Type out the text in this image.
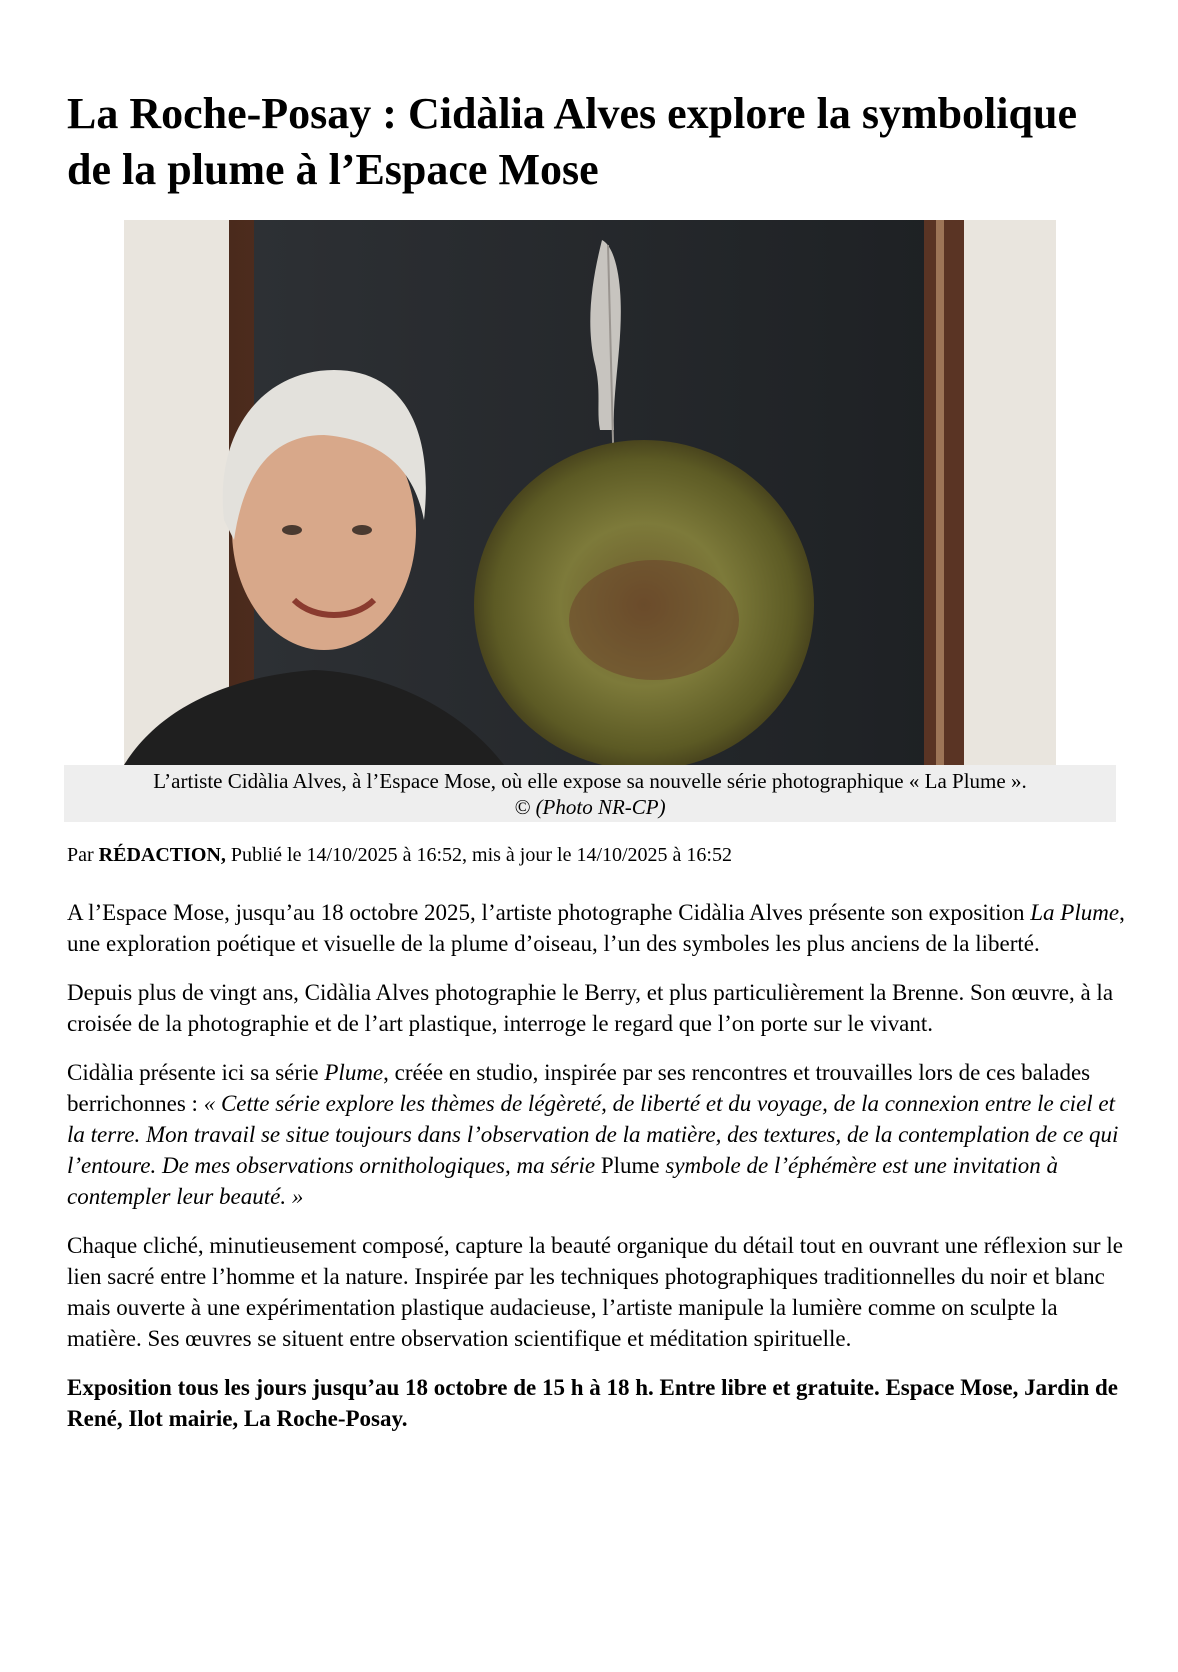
La Roche-Posay : Cidàlia Alves explore la symbolique de la plume à l’Espace Mose
L’artiste Cidàlia Alves, à l’Espace Mose, où elle expose sa nouvelle série photographique « La Plume ».
© (Photo NR-CP)
Par RÉDACTION, Publié le 14/10/2025 à 16:52, mis à jour le 14/10/2025 à 16:52

A l’Espace Mose, jusqu’au 18 octobre 2025, l’artiste photographe Cidàlia Alves présente son exposition La Plume, une exploration poétique et visuelle de la plume d’oiseau, l’un des symboles les plus anciens de la liberté.

Depuis plus de vingt ans, Cidàlia Alves photographie le Berry, et plus particulièrement la Brenne. Son œuvre, à la croisée de la photographie et de l’art plastique, interroge le regard que l’on porte sur le vivant.

Cidàlia présente ici sa série Plume, créée en studio, inspirée par ses rencontres et trouvailles lors de ces balades berrichonnes : « Cette série explore les thèmes de légèreté, de liberté et du voyage, de la connexion entre le ciel et la terre. Mon travail se situe toujours dans l’observation de la matière, des textures, de la contemplation de ce qui l’entoure. De mes observations ornithologiques, ma série Plume symbole de l’éphémère est une invitation à contempler leur beauté. »

Chaque cliché, minutieusement composé, capture la beauté organique du détail tout en ouvrant une réflexion sur le lien sacré entre l’homme et la nature. Inspirée par les techniques photographiques traditionnelles du noir et blanc mais ouverte à une expérimentation plastique audacieuse, l’artiste manipule la lumière comme on sculpte la matière. Ses œuvres se situent entre observation scientifique et méditation spirituelle.

Exposition tous les jours jusqu’au 18 octobre de 15 h à 18 h. Entre libre et gratuite. Espace Mose, Jardin de René, Ilot mairie, La Roche-Posay.
